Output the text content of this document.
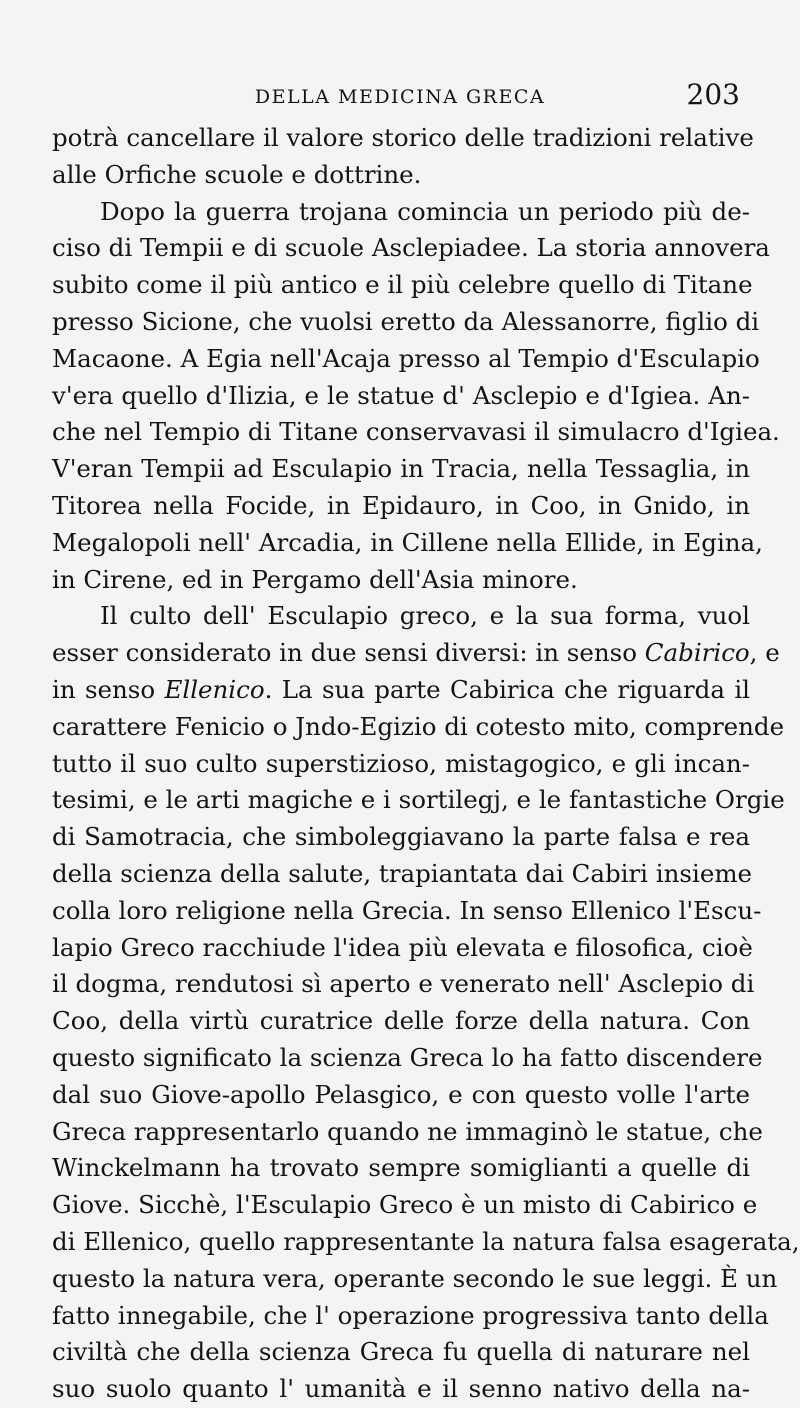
DELLA MEDICINA GRECA	203
potrà cancellare il valore storico delle tradizioni relative
alle Orfiche scuole e dottrine.
Dopo la guerra trojana comincia un periodo più de-
ciso di Tempii e di scuole Asclepiadee. La storia annovera
subito come il più antico e il più celebre quello di Titane
presso Sicione, che vuolsi eretto da Alessanorre, figlio di
Macaone. A Egia nell'Acaja presso al Tempio d'Esculapio
v'era quello d'Ilizia, e le statue d' Asclepio e d'Igiea. An-
che nel Tempio di Titane conservavasi il simulacro d'Igiea.
V'eran Tempii ad Esculapio in Tracia, nella Tessaglia, in
Titorea nella Focide, in Epidauro, in Coo, in Gnido, in
Megalopoli nell' Arcadia, in Cillene nella Ellide, in Egina,
in Cirene, ed in Pergamo dell'Asia minore.
Il culto dell' Esculapio greco, e la sua forma, vuol
esser considerato in due sensi diversi: in senso Cabirico, e
in senso Ellenico. La sua parte Cabirica che riguarda il
carattere Fenicio o Jndo-Egizio di cotesto mito, comprende
tutto il suo culto superstizioso, mistagogico, e gli incan-
tesimi, e le arti magiche e i sortilegj, e le fantastiche Orgie
di Samotracia, che simboleggiavano la parte falsa e rea
della scienza della salute, trapiantata dai Cabiri insieme
colla loro religione nella Grecia. In senso Ellenico l'Escu-
lapio Greco racchiude l'idea più elevata e filosofica, cioè
il dogma, rendutosi sì aperto e venerato nell' Asclepio di
Coo, della virtù curatrice delle forze della natura. Con
questo significato la scienza Greca lo ha fatto discendere
dal suo Giove-apollo Pelasgico, e con questo volle l'arte
Greca rappresentarlo quando ne immaginò le statue, che
Winckelmann ha trovato sempre somiglianti a quelle di
Giove. Sicchè, l'Esculapio Greco è un misto di Cabirico e
di Ellenico, quello rappresentante la natura falsa esagerata,
questo la natura vera, operante secondo le sue leggi. È un
fatto innegabile, che l' operazione progressiva tanto della
civiltà che della scienza Greca fu quella di naturare nel
suo suolo quanto l' umanità e il senno nativo della na-
